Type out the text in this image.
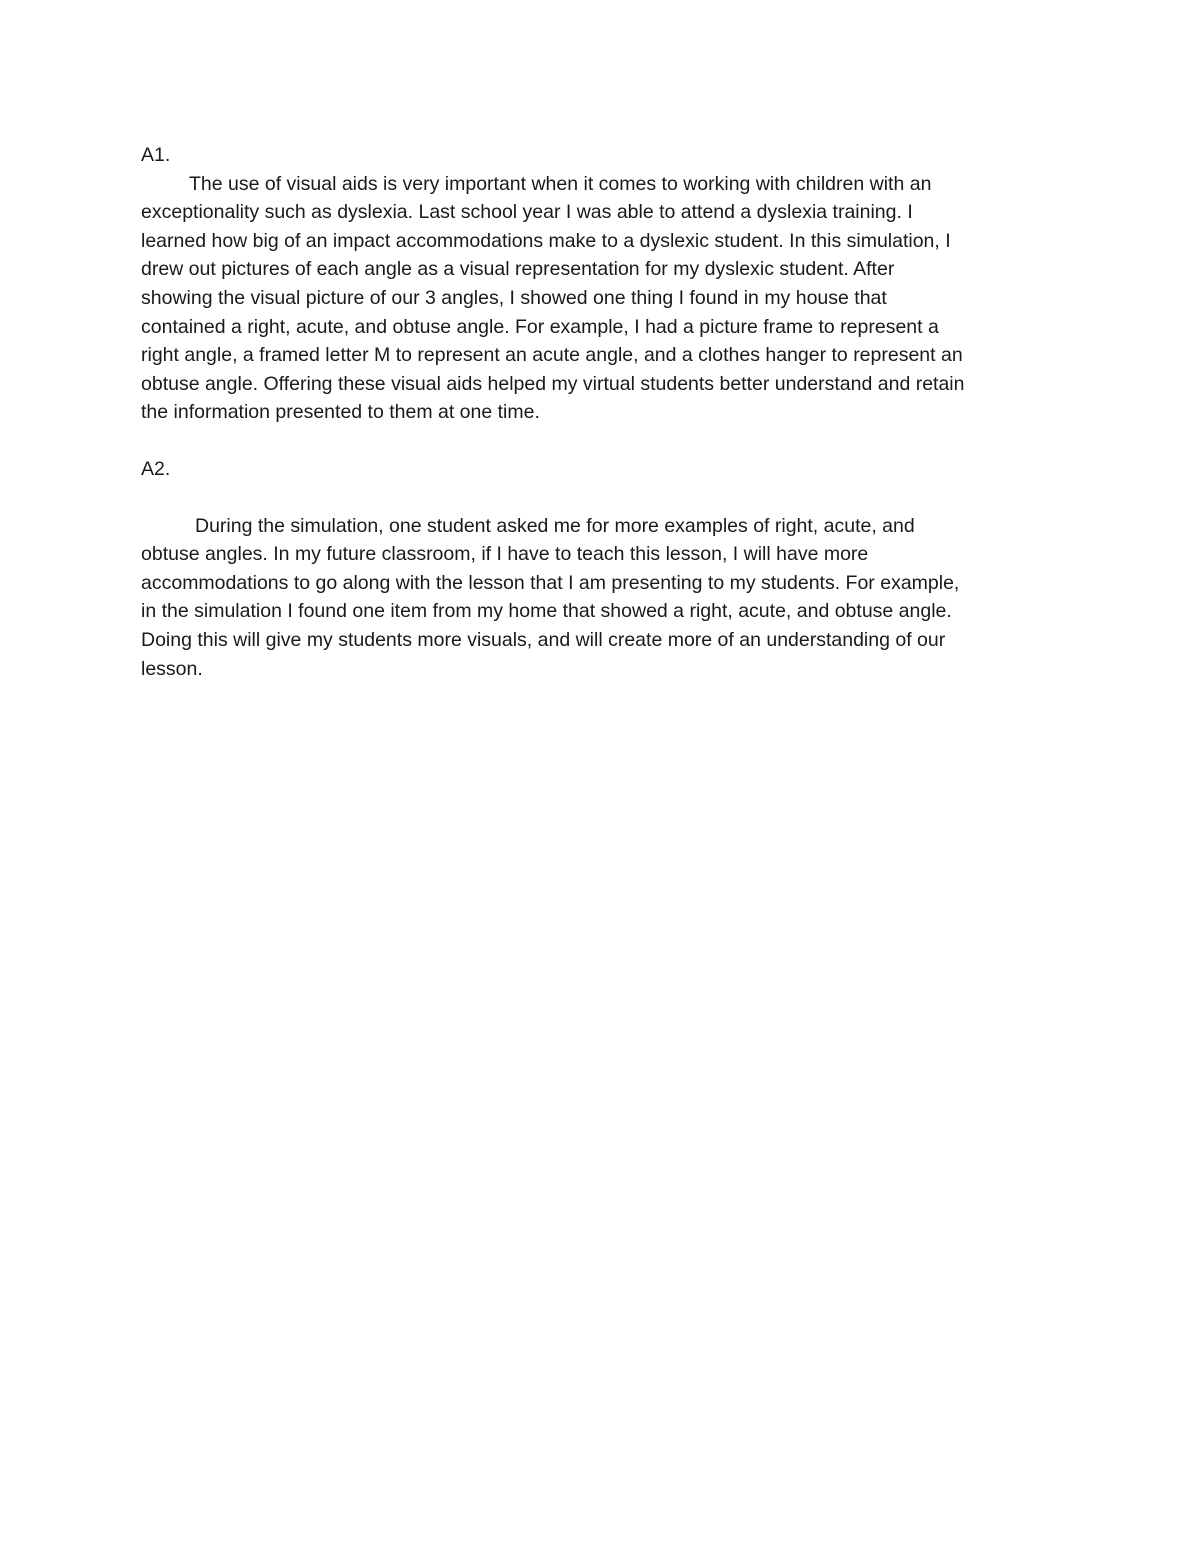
A1.

The use of visual aids is very important when it comes to working with children with an

exceptionality such as dyslexia. Last school year I was able to attend a dyslexia training. I

learned how big of an impact accommodations make to a dyslexic student. In this simulation, I

drew out pictures of each angle as a visual representation for my dyslexic student. After

showing the visual picture of our 3 angles, I showed one thing I found in my house that

contained a right, acute, and obtuse angle. For example, I had a picture frame to represent a

right angle, a framed letter M to represent an acute angle, and a clothes hanger to represent an

obtuse angle. Offering these visual aids helped my virtual students better understand and retain

the information presented to them at one time.

A2.

During the simulation, one student asked me for more examples of right, acute, and

obtuse angles. In my future classroom, if I have to teach this lesson, I will have more

accommodations to go along with the lesson that I am presenting to my students. For example,

in the simulation I found one item from my home that showed a right, acute, and obtuse angle.

Doing this will give my students more visuals, and will create more of an understanding of our

lesson.
